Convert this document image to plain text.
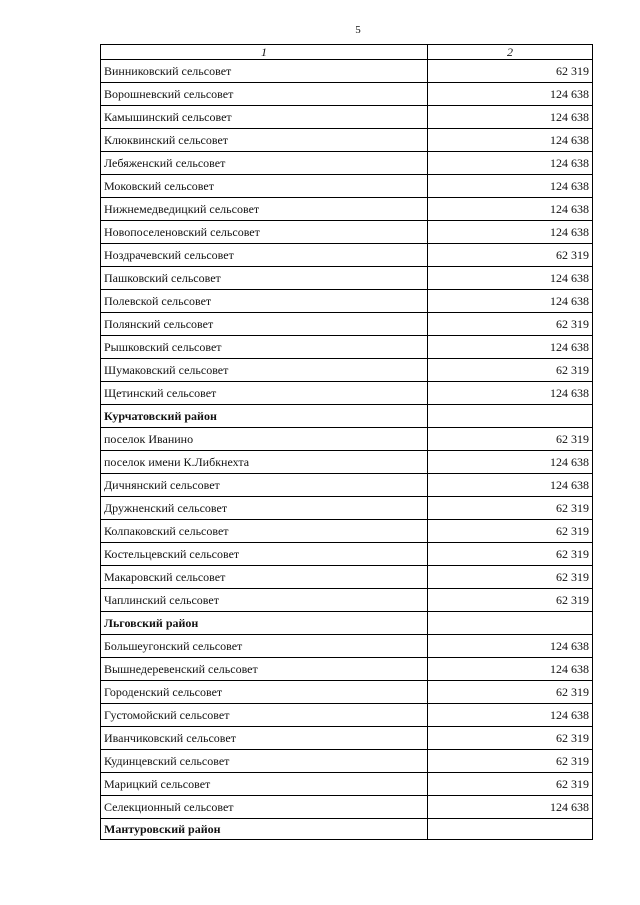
5
1	2
Винниковский сельсовет	62 319
Ворошневский сельсовет	124 638
Камышинский сельсовет	124 638
Клюквинский сельсовет	124 638
Лебяженский сельсовет	124 638
Моковский сельсовет	124 638
Нижнемедведицкий сельсовет	124 638
Новопоселеновский сельсовет	124 638
Ноздрачевский сельсовет	62 319
Пашковский сельсовет	124 638
Полевской сельсовет	124 638
Полянский сельсовет	62 319
Рышковский сельсовет	124 638
Шумаковский сельсовет	62 319
Щетинский сельсовет	124 638
Курчатовский район	
поселок Иванино	62 319
поселок имени К.Либкнехта	124 638
Дичнянский сельсовет	124 638
Дружненский сельсовет	62 319
Колпаковский сельсовет	62 319
Костельцевский сельсовет	62 319
Макаровский сельсовет	62 319
Чаплинский сельсовет	62 319
Льговский район	
Большеугонский сельсовет	124 638
Вышнедеревенский сельсовет	124 638
Городенский сельсовет	62 319
Густомойский сельсовет	124 638
Иванчиковский сельсовет	62 319
Кудинцевский сельсовет	62 319
Марицкий сельсовет	62 319
Селекционный сельсовет	124 638
Мантуровский район	
